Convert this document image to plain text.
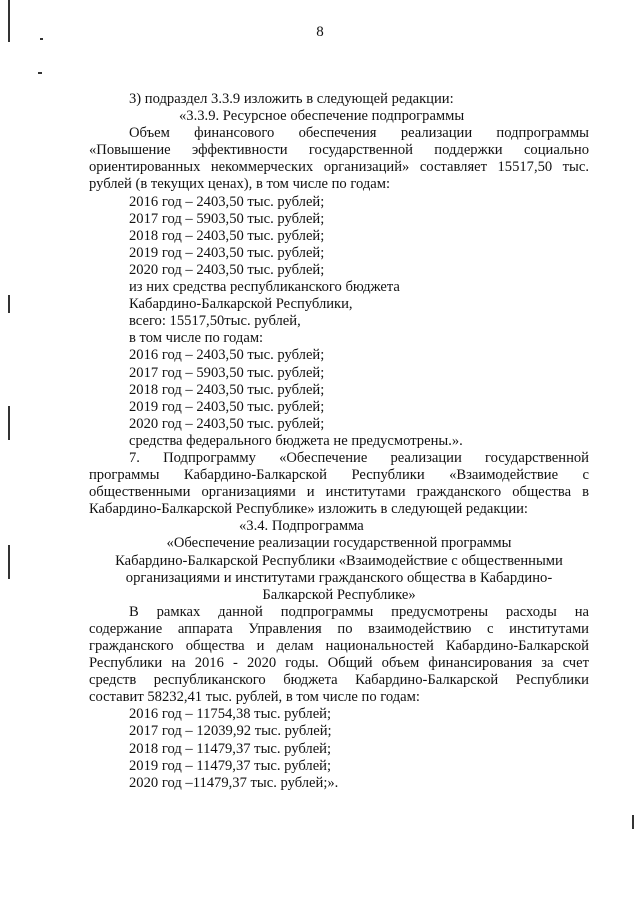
8
3) подраздел 3.3.9 изложить в следующей редакции:
«3.3.9. Ресурсное обеспечение подпрограммы
Объем финансового обеспечения реализации подпрограммы
«Повышение эффективности государственной поддержки социально
ориентированных некоммерческих организаций» составляет 15517,50 тыс.
рублей (в текущих ценах), в том числе по годам:
2016 год – 2403,50 тыс. рублей;
2017 год – 5903,50 тыс. рублей;
2018 год – 2403,50 тыс. рублей;
2019 год – 2403,50 тыс. рублей;
2020 год – 2403,50 тыс. рублей;
из них средства республиканского бюджета
Кабардино-Балкарской Республики,
всего: 15517,50тыс. рублей,
в том числе по годам:
2016 год – 2403,50 тыс. рублей;
2017 год – 5903,50 тыс. рублей;
2018 год – 2403,50 тыс. рублей;
2019 год – 2403,50 тыс. рублей;
2020 год – 2403,50 тыс. рублей;
средства федерального бюджета не предусмотрены.».
7. Подпрограмму «Обеспечение реализации государственной
программы Кабардино-Балкарской Республики «Взаимодействие с
общественными организациями и институтами гражданского общества в
Кабардино-Балкарской Республике» изложить в следующей редакции:
«3.4. Подпрограмма
«Обеспечение реализации государственной программы
Кабардино-Балкарской Республики «Взаимодействие с общественными
организациями и институтами гражданского общества в Кабардино-
Балкарской Республике»
В рамках данной подпрограммы предусмотрены расходы на
содержание аппарата Управления по взаимодействию с институтами
гражданского общества и делам национальностей Кабардино-Балкарской
Республики на 2016 - 2020 годы. Общий объем финансирования за счет
средств республиканского бюджета Кабардино-Балкарской Республики
составит 58232,41 тыс. рублей, в том числе по годам:
2016 год – 11754,38 тыс. рублей;
2017 год – 12039,92 тыс. рублей;
2018 год – 11479,37 тыс. рублей;
2019 год – 11479,37 тыс. рублей;
2020 год –11479,37 тыс. рублей;».
